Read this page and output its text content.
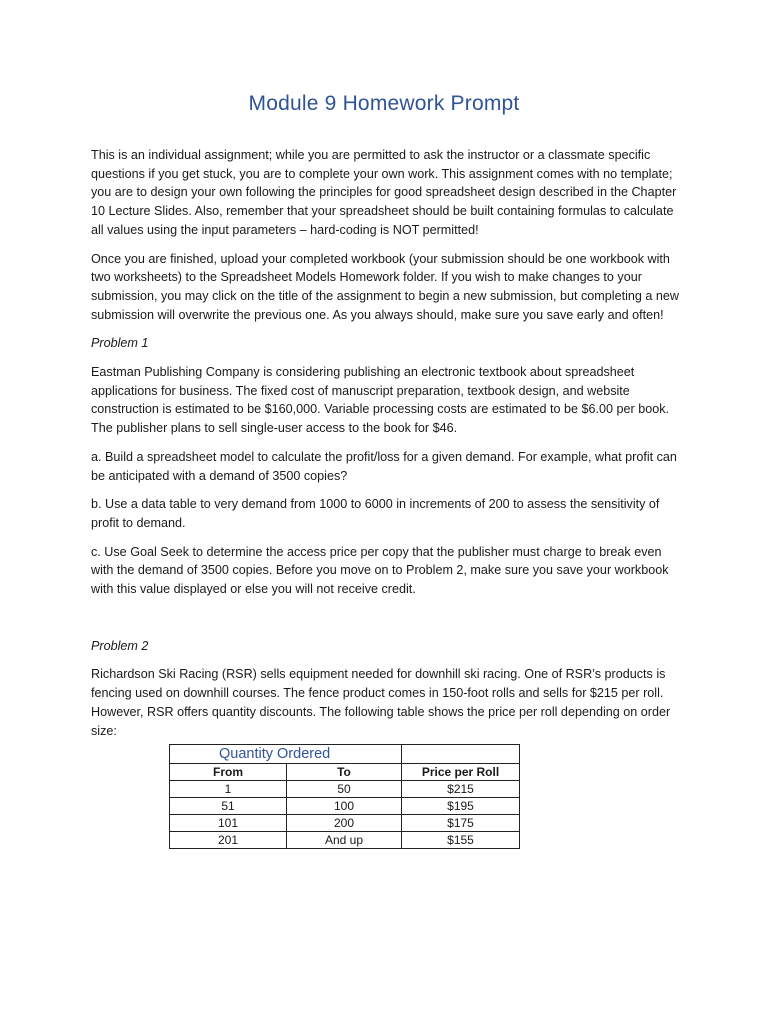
Module 9 Homework Prompt

This is an individual assignment; while you are permitted to ask the instructor or a classmate specific questions if you get stuck, you are to complete your own work. This assignment comes with no template; you are to design your own following the principles for good spreadsheet design described in the Chapter 10 Lecture Slides. Also, remember that your spreadsheet should be built containing formulas to calculate all values using the input parameters – hard-coding is NOT permitted!

Once you are finished, upload your completed workbook (your submission should be one workbook with two worksheets) to the Spreadsheet Models Homework folder. If you wish to make changes to your submission, you may click on the title of the assignment to begin a new submission, but completing a new submission will overwrite the previous one. As you always should, make sure you save early and often!

Problem 1

Eastman Publishing Company is considering publishing an electronic textbook about spreadsheet applications for business. The fixed cost of manuscript preparation, textbook design, and website construction is estimated to be $160,000. Variable processing costs are estimated to be $6.00 per book. The publisher plans to sell single-user access to the book for $46.

a. Build a spreadsheet model to calculate the profit/loss for a given demand. For example, what profit can be anticipated with a demand of 3500 copies?

b. Use a data table to very demand from 1000 to 6000 in increments of 200 to assess the sensitivity of profit to demand.

c. Use Goal Seek to determine the access price per copy that the publisher must charge to break even with the demand of 3500 copies. Before you move on to Problem 2, make sure you save your workbook with this value displayed or else you will not receive credit.

Problem 2

Richardson Ski Racing (RSR) sells equipment needed for downhill ski racing. One of RSR’s products is fencing used on downhill courses. The fence product comes in 150-foot rolls and sells for $215 per roll. However, RSR offers quantity discounts. The following table shows the price per roll depending on order size:

Quantity Ordered		
From	To	Price per Roll
1	50	$215
51	100	$195
101	200	$175
201	And up	$155
